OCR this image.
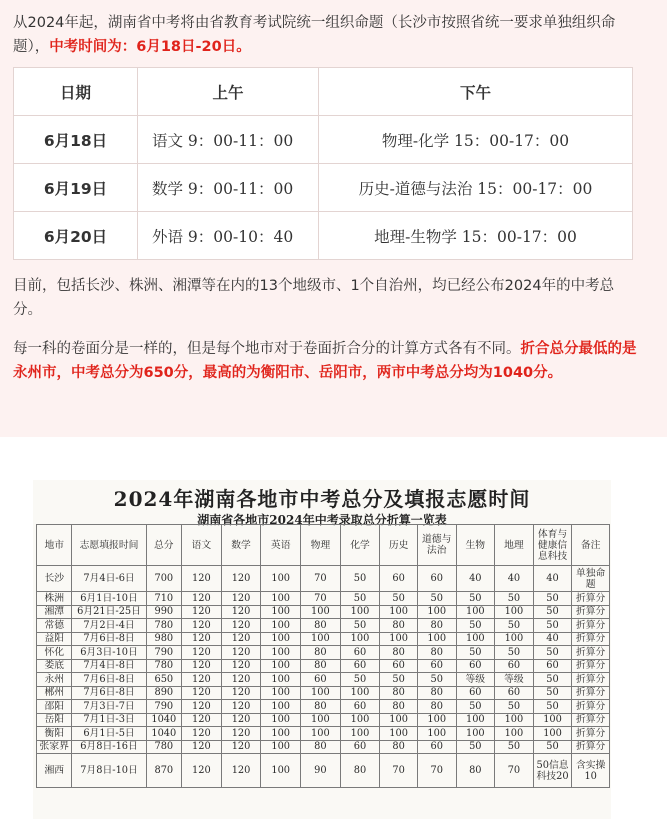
从2024年起，湖南省中考将由省教育考试院统一组织命题（长沙市按照省统一要求单独组织命题），中考时间为：6月18日-20日。

日期	上午	下午
6月18日	语文 9：00-11：00	物理-化学 15：00-17：00
6月19日	数学 9：00-11：00	历史-道德与法治 15：00-17：00
6月20日	外语 9：00-10：40	地理-生物学 15：00-17：00

目前，包括长沙、株洲、湘潭等在内的13个地级市、1个自治州，均已经公布2024年的中考总分。

每一科的卷面分是一样的，但是每个地市对于卷面折合分的计算方式各有不同。折合总分最低的是永州市，中考总分为650分，最高的为衡阳市、岳阳市，两市中考总分均为1040分。

2024年湖南各地市中考总分及填报志愿时间
湖南省各地市2024年中考录取总分折算一览表
地市	志愿填报时间	总分	语文	数学	英语	物理	化学	历史	道德与法治	生物	地理	体育与健康信息科技	备注
长沙	7月4日-6日	700	120	120	100	70	50	60	60	40	40	40	单独命题
株洲	6月1日-10日	710	120	120	100	70	50	50	50	50	50	50	折算分
湘潭	6月21日-25日	990	120	120	100	100	100	100	100	100	100	50	折算分
常德	7月2日-4日	780	120	120	100	80	50	80	80	50	50	50	折算分
益阳	7月6日-8日	980	120	120	100	100	100	100	100	100	100	40	折算分
怀化	6月3日-10日	790	120	120	100	80	60	80	80	50	50	50	折算分
娄底	7月4日-8日	780	120	120	100	80	60	60	60	60	60	60	折算分
永州	7月6日-8日	650	120	120	100	60	50	50	50	等级	等级	50	折算分
郴州	7月6日-8日	890	120	120	100	100	100	80	80	60	60	50	折算分
邵阳	7月3日-7日	790	120	120	100	80	60	80	80	50	50	50	折算分
岳阳	7月1日-3日	1040	120	120	100	100	100	100	100	100	100	100	折算分
衡阳	6月1日-5日	1040	120	120	100	100	100	100	100	100	100	100	折算分
张家界	6月8日-16日	780	120	120	100	80	60	80	60	50	50	50	折算分
湘西	7月8日-10日	870	120	120	100	90	80	70	70	80	70	50信息科技20	含实操10
